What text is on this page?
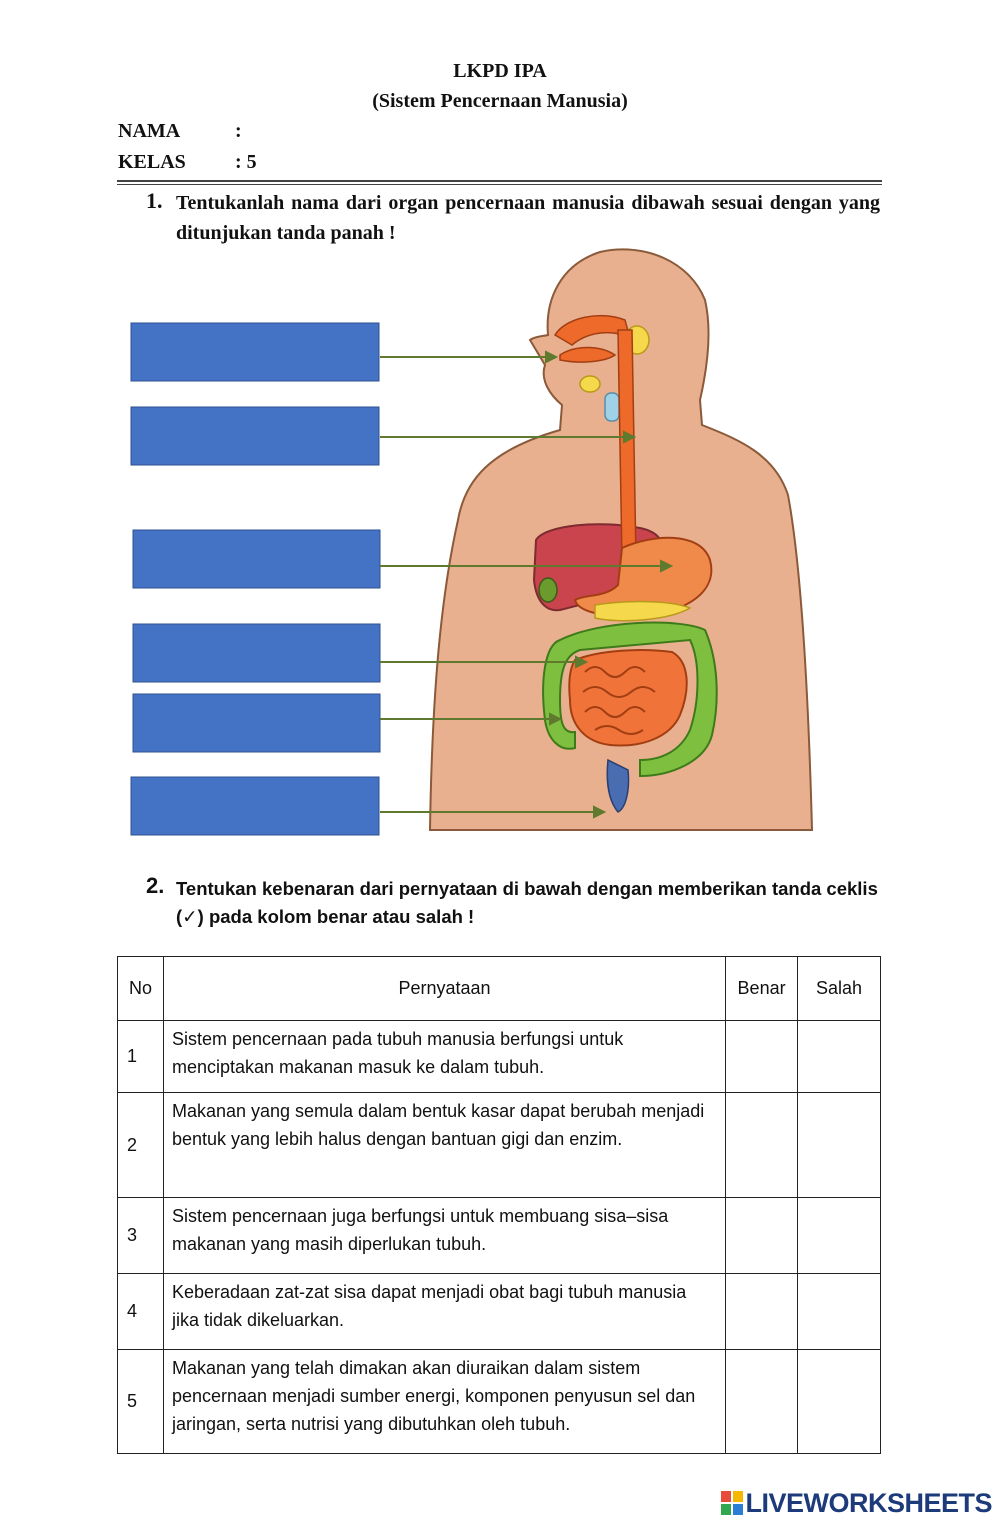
LKPD IPA
(Sistem Pencernaan Manusia)
NAMA	:
KELAS : 5
1. Tentukanlah nama dari organ pencernaan manusia dibawah sesuai dengan yang ditunjukan tanda panah !
2. Tentukan kebenaran dari pernyataan di bawah dengan memberikan tanda ceklis (✓) pada kolom benar atau salah !
No	Pernyataan	Benar	Salah
1	Sistem pencernaan pada tubuh manusia berfungsi untuk menciptakan makanan masuk ke dalam tubuh.		
2	Makanan yang semula dalam bentuk kasar dapat berubah menjadi bentuk yang lebih halus dengan bantuan gigi dan enzim.		
3	Sistem pencernaan juga berfungsi untuk membuang sisa–sisa makanan yang masih diperlukan tubuh.		
4	Keberadaan zat-zat sisa dapat menjadi obat bagi tubuh manusia jika tidak dikeluarkan.		
5	Makanan yang telah dimakan akan diuraikan dalam sistem pencernaan menjadi sumber energi, komponen penyusun sel dan jaringan, serta nutrisi yang dibutuhkan oleh tubuh.		
LIVEWORKSHEETS
